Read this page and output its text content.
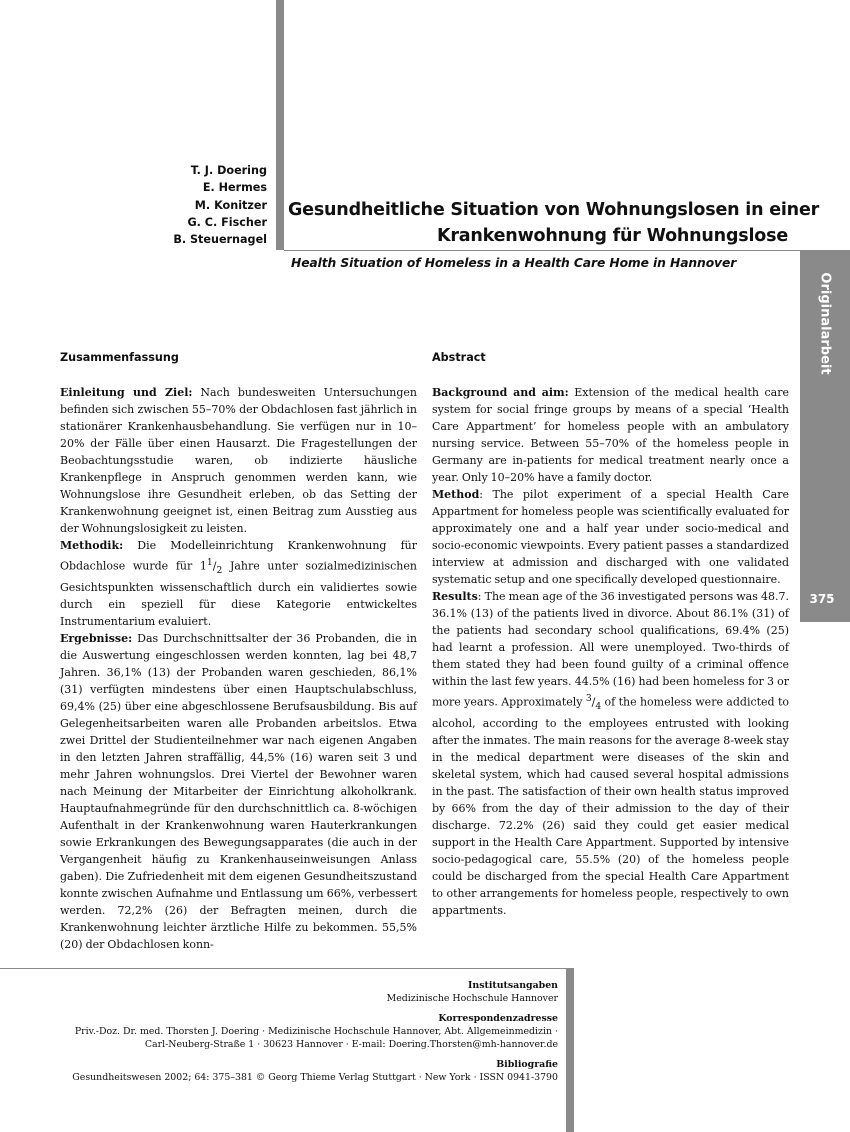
Originalarbeit
375
T. J. Doering
E. Hermes
M. Konitzer
G. C. Fischer
B. Steuernagel
Gesundheitliche Situation von Wohnungslosen in einer
Krankenwohnung für Wohnungslose
Health Situation of Homeless in a Health Care Home in Hannover
Zusammenfassung

Einleitung und Ziel: Nach bundesweiten Untersuchungen befinden sich zwischen 55–70% der Obdachlosen fast jährlich in stationärer Krankenhausbehandlung. Sie verfügen nur in 10–20% der Fälle über einen Hausarzt. Die Fragestellungen der Beobachtungsstudie waren, ob indizierte häusliche Krankenpflege in Anspruch genommen werden kann, wie Wohnungslose ihre Gesundheit erleben, ob das Setting der Krankenwohnung geeignet ist, einen Beitrag zum Ausstieg aus der Wohnungslosigkeit zu leisten.

Methodik: Die Modelleinrichtung Krankenwohnung für Obdachlose wurde für $1^1/_2$ Jahre unter sozialmedizinischen Gesichtspunkten wissenschaftlich durch ein validiertes sowie durch ein speziell für diese Kategorie entwickeltes Instrumentarium evaluiert.

Ergebnisse: Das Durchschnittsalter der 36 Probanden, die in die Auswertung eingeschlossen werden konnten, lag bei 48,7 Jahren. 36,1% (13) der Probanden waren geschieden, 86,1% (31) verfügten mindestens über einen Hauptschulabschluss, 69,4% (25) über eine abgeschlossene Berufsausbildung. Bis auf Gelegenheitsarbeiten waren alle Probanden arbeitslos. Etwa zwei Drittel der Studienteilnehmer war nach eigenen Angaben in den letzten Jahren straffällig, 44,5% (16) waren seit 3 und mehr Jahren wohnungslos. Drei Viertel der Bewohner waren nach Meinung der Mitarbeiter der Einrichtung alkoholkrank. Hauptaufnahmegründe für den durchschnittlich ca. 8-wöchigen Aufenthalt in der Krankenwohnung waren Hauterkrankungen sowie Erkrankungen des Bewegungsapparates (die auch in der Vergangenheit häufig zu Krankenhauseinweisungen Anlass gaben). Die Zufriedenheit mit dem eigenen Gesundheitszustand konnte zwischen Aufnahme und Entlassung um 66%, verbessert werden. 72,2% (26) der Befragten meinen, durch die Krankenwohnung leichter ärztliche Hilfe zu bekommen. 55,5% (20) der Obdachlosen konn-

Abstract

Background and aim: Extension of the medical health care system for social fringe groups by means of a special ‘Health Care Appartment’ for homeless people with an ambulatory nursing service. Between 55–70% of the homeless people in Germany are in-patients for medical treatment nearly once a year. Only 10–20% have a family doctor.

Method: The pilot experiment of a special Health Care Appartment for homeless people was scientifically evaluated for approximately one and a half year under socio-medical and socio-economic viewpoints. Every patient passes a standardized interview at admission and discharged with one validated systematic setup and one specifically developed questionnaire.

Results: The mean age of the 36 investigated persons was 48.7. 36.1% (13) of the patients lived in divorce. About 86.1% (31) of the patients had secondary school qualifications, 69.4% (25) had learnt a profession. All were unemployed. Two-thirds of them stated they had been found guilty of a criminal offence within the last few years. 44.5% (16) had been homeless for 3 or more years. Approximately $^3/_4$ of the homeless were addicted to alcohol, according to the employees entrusted with looking after the inmates. The main reasons for the average 8-week stay in the medical department were diseases of the skin and skeletal system, which had caused several hospital admissions in the past. The satisfaction of their own health status improved by 66% from the day of their admission to the day of their discharge. 72.2% (26) said they could get easier medical support in the Health Care Appartment. Supported by intensive socio-pedagogical care, 55.5% (20) of the homeless people could be discharged from the special Health Care Appartment to other arrangements for homeless people, respectively to own appartments.

Institutsangaben
Medizinische Hochschule Hannover
Korrespondenzadresse
Priv.-Doz. Dr. med. Thorsten J. Doering · Medizinische Hochschule Hannover, Abt. Allgemeinmedizin ·
Carl-Neuberg-Straße 1 · 30623 Hannover · E-mail: Doering.Thorsten@mh-hannover.de
Bibliografie
Gesundheitswesen 2002; 64: 375–381 © Georg Thieme Verlag Stuttgart · New York · ISSN 0941-3790
